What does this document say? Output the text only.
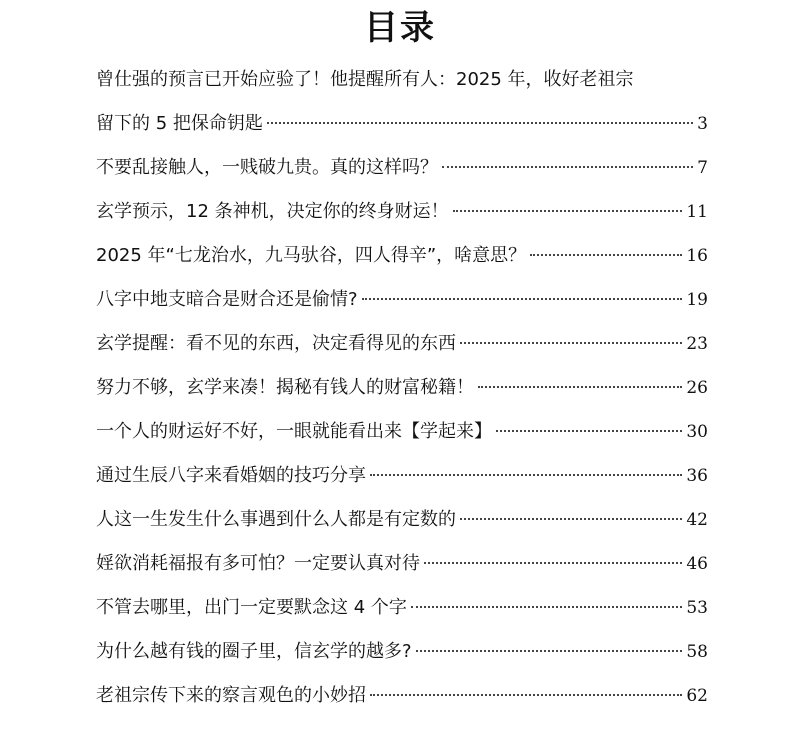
目录
曾仕强的预言已开始应验了！他提醒所有人：2025 年，收好老祖宗
留下的 5 把保命钥匙	3
不要乱接触人，一贱破九贵。真的这样吗？	7
玄学预示，12 条神机，决定你的终身财运！	11
2025 年“七龙治水，九马驮谷，四人得辛”，啥意思？	16
八字中地支暗合是财合还是偷情?	19
玄学提醒：看不见的东西，决定看得见的东西	23
努力不够，玄学来凑！揭秘有钱人的财富秘籍！	26
一个人的财运好不好，一眼就能看出来【学起来】	30
通过生辰八字来看婚姻的技巧分享	36
人这一生发生什么事遇到什么人都是有定数的	42
婬欲消耗福报有多可怕？一定要认真对待	46
不管去哪里，出门一定要默念这 4 个字	53
为什么越有钱的圈子里，信玄学的越多?	58
老祖宗传下来的察言观色的小妙招	62
